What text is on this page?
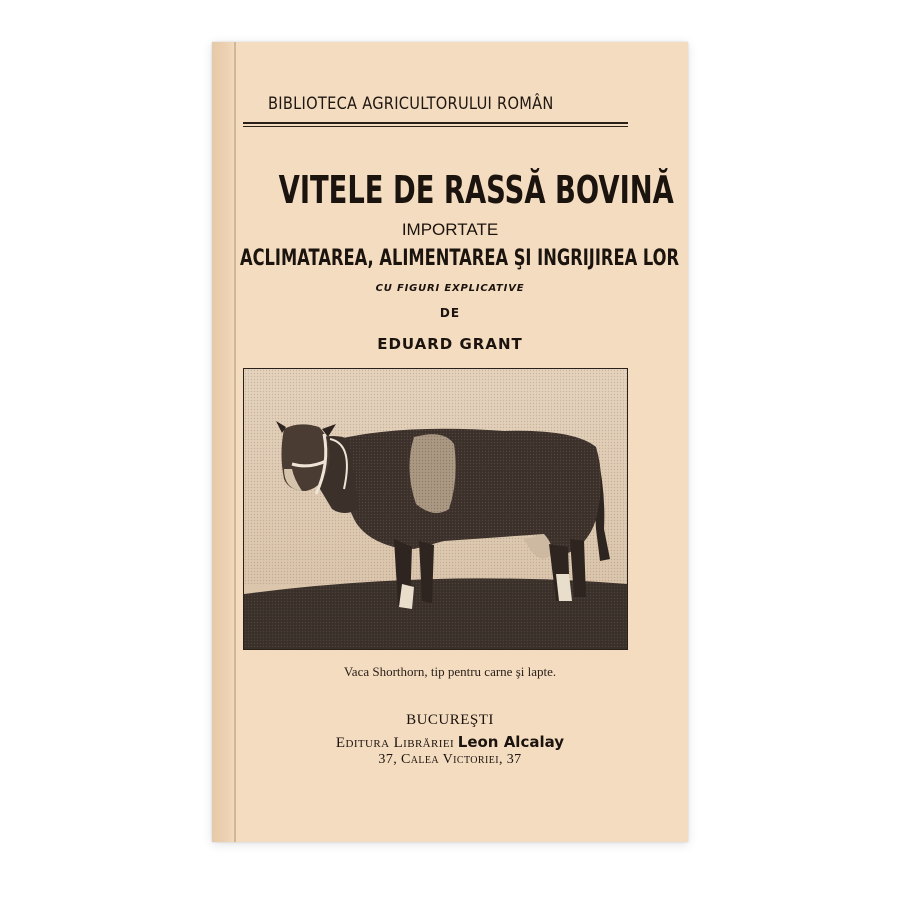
BIBLIOTECA AGRICULTORULUI ROMÂN
VITELE DE RASSĂ BOVINĂ
IMPORTATE
ACLIMATAREA, ALIMENTAREA ŞI INGRIJIREA LOR
CU FIGURI EXPLICATIVE
DE
EDUARD GRANT
Vaca Shorthorn, tip pentru carne şi lapte.
BUCUREŞTI
Editura Librăriei Leon Alcalay
37, Calea Victoriei, 37
